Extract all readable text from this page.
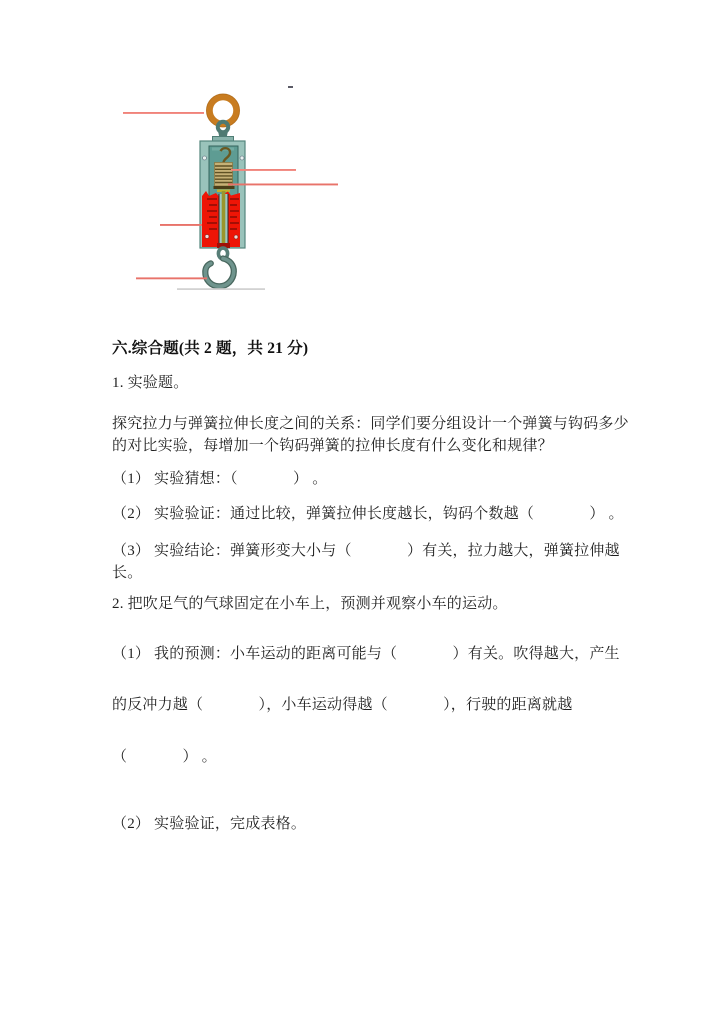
六.综合题(共 2 题，共 21 分)
1. 实验题。
探究拉力与弹簧拉伸长度之间的关系：同学们要分组设计一个弹簧与钩码多少
的对比实验，每增加一个钩码弹簧的拉伸长度有什么变化和规律？
（1） 实验猜想：（              ） 。
（2） 实验验证：通过比较，弹簧拉伸长度越长，钩码个数越（              ） 。
（3） 实验结论：弹簧形变大小与（              ）有关，拉力越大，弹簧拉伸越
长。
2. 把吹足气的气球固定在小车上，预测并观察小车的运动。
（1） 我的预测：小车运动的距离可能与（              ）有关。吹得越大，产生
的反冲力越（              ），小车运动得越（              ），行驶的距离就越
（              ） 。
（2） 实验验证，完成表格。
